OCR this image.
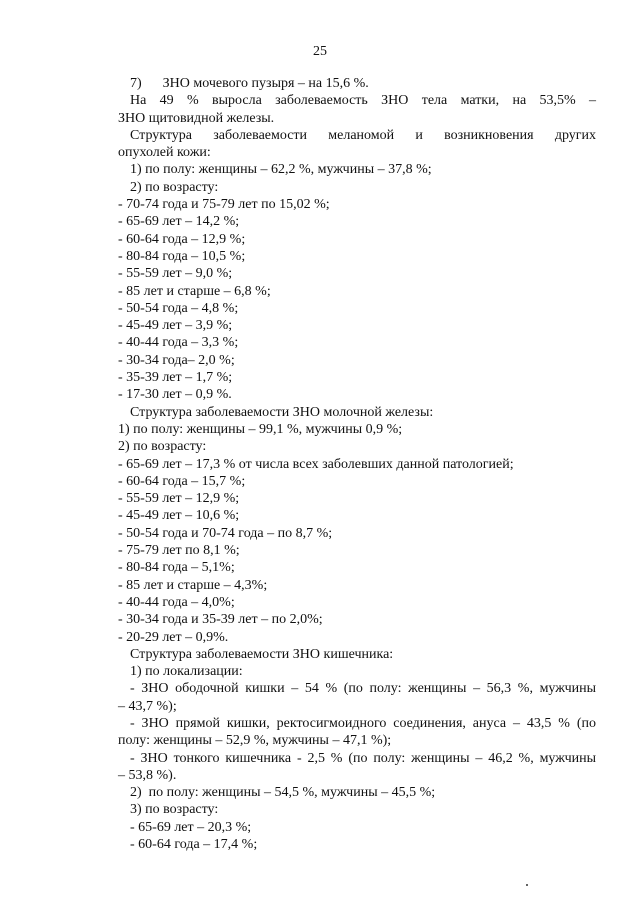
25
7)      ЗНО мочевого пузыря – на 15,6 %.
На 49 % выросла заболеваемость ЗНО тела матки, на 53,5% –
ЗНО щитовидной железы.
Структура заболеваемости меланомой и возникновения других
опухолей кожи:
1) по полу: женщины – 62,2 %, мужчины – 37,8 %;
2) по возрасту:
- 70-74 года и 75-79 лет по 15,02 %;
- 65-69 лет – 14,2 %;
- 60-64 года – 12,9 %;
- 80-84 года – 10,5 %;
- 55-59 лет – 9,0 %;
- 85 лет и старше – 6,8 %;
- 50-54 года – 4,8 %;
- 45-49 лет – 3,9 %;
- 40-44 года – 3,3 %;
- 30-34 года– 2,0 %;
- 35-39 лет – 1,7 %;
- 17-30 лет – 0,9 %.
Структура заболеваемости ЗНО молочной железы:
1) по полу: женщины – 99,1 %, мужчины 0,9 %;
2) по возрасту:
- 65-69 лет – 17,3 % от числа всех заболевших данной патологией;
- 60-64 года – 15,7 %;
- 55-59 лет – 12,9 %;
- 45-49 лет – 10,6 %;
- 50-54 года и 70-74 года – по 8,7 %;
- 75-79 лет по 8,1 %;
- 80-84 года – 5,1%;
- 85 лет и старше – 4,3%;
- 40-44 года – 4,0%;
- 30-34 года и 35-39 лет – по 2,0%;
- 20-29 лет – 0,9%.
Структура заболеваемости ЗНО кишечника:
1) по локализации:
- ЗНО ободочной кишки – 54 % (по полу: женщины – 56,3 %, мужчины
– 43,7 %);
- ЗНО прямой кишки, ректосигмоидного соединения, ануса – 43,5 % (по
полу: женщины – 52,9 %, мужчины – 47,1 %);
- ЗНО тонкого кишечника - 2,5 % (по полу: женщины – 46,2 %, мужчины
– 53,8 %).
2)  по полу: женщины – 54,5 %, мужчины – 45,5 %;
3) по возрасту:
- 65-69 лет – 20,3 %;
- 60-64 года – 17,4 %;
